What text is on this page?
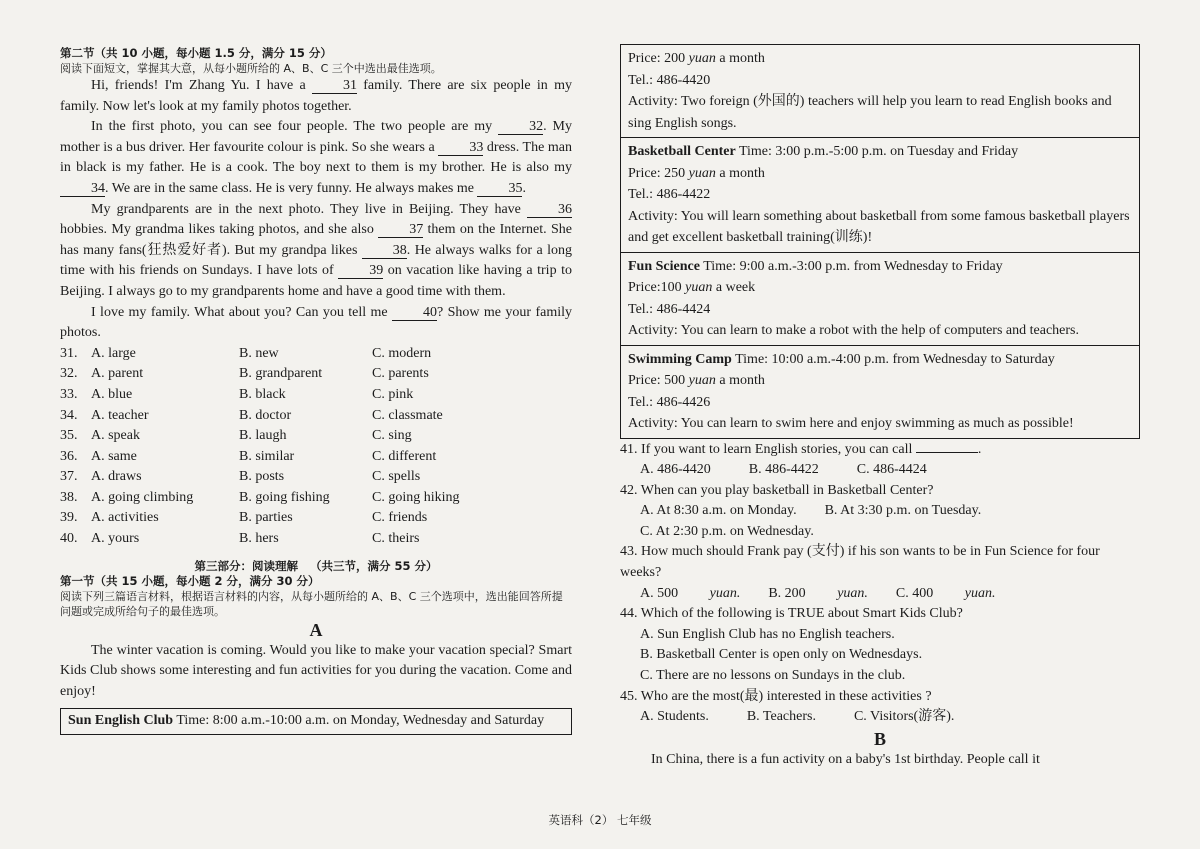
第二节（共 10 小题，每小题 1.5 分，满分 15 分）
阅读下面短文，掌握其大意，从每小题所给的 A、B、C 三个中选出最佳选项。

Hi, friends! I'm Zhang Yu. I have a 31 family. There are six people in my family. Now let's look at my family photos together.

In the first photo, you can see four people. The two people are my 32. My mother is a bus driver. Her favourite colour is pink. So she wears a 33 dress. The man in black is my father. He is a cook. The boy next to them is my brother. He is also my 34. We are in the same class. He is very funny. He always makes me 35.

My grandparents are in the next photo. They live in Beijing. They have 36 hobbies. My grandma likes taking photos, and she also 37 them on the Internet. She has many fans(狂热爱好者). But my grandpa likes 38. He always walks for a long time with his friends on Sundays. I have lots of 39 on vacation like having a trip to Beijing. I always go to my grandparents home and have a good time with them.

I love my family. What about you? Can you tell me 40? Show me your family photos.

31. A. large	B. new	C. modern
32. A. parent	B. grandparent	C. parents
33. A. blue	B. black	C. pink
34. A. teacher	B. doctor	C. classmate
35. A. speak	B. laugh	C. sing
36. A. same	B. similar	C. different
37. A. draws	B. posts	C. spells
38. A. going climbing	B. going fishing	C. going hiking
39. A. activities	B. parties	C. friends
40. A. yours	B. hers	C. theirs
第三部分：阅读理解 （共三节，满分 55 分）
第一节（共 15 小题，每小题 2 分，满分 30 分）
阅读下列三篇语言材料，根据语言材料的内容，从每小题所给的 A、B、C 三个选项中，选出能回答所提问题或完成所给句子的最佳选项。
A

The winter vacation is coming. Would you like to make your vacation special? Smart Kids Club shows some interesting and fun activities for you during the vacation. Come and enjoy!

Sun English Club Time: 8:00 a.m.-10:00 a.m. on Monday, Wednesday and Saturday
Price: 200 yuan a month
Tel.: 486-4420
Activity: Two foreign (外国的) teachers will help you learn to read English books and sing English songs.
Basketball Center Time: 3:00 p.m.-5:00 p.m. on Tuesday and Friday
Price: 250 yuan a month
Tel.: 486-4422
Activity: You will learn something about basketball from some famous basketball players and get excellent basketball training(训练)!
Fun Science Time: 9:00 a.m.-3:00 p.m. from Wednesday to Friday
Price:100 yuan a week
Tel.: 486-4424
Activity: You can learn to make a robot with the help of computers and teachers.
Swimming Camp Time: 10:00 a.m.-4:00 p.m. from Wednesday to Saturday
Price: 500 yuan a month
Tel.: 486-4426
Activity: You can learn to swim here and enjoy swimming as much as possible!
41. If you want to learn English stories, you can call	.
A. 486-4420	B. 486-4422	C. 486-4424
42. When can you play basketball in Basketball Center?
A. At 8:30 a.m. on Monday. B. At 3:30 p.m. on Tuesday.
C. At 2:30 p.m. on Wednesday.
43. How much should Frank pay (支付) if his son wants to be in Fun Science for four weeks?
A. 500 yuan. B. 200 yuan. C. 400 yuan.
44. Which of the following is TRUE about Smart Kids Club?
A. Sun English Club has no English teachers.
B. Basketball Center is open only on Wednesdays.
C. There are no lessons on Sundays in the club.
45. Who are the most(最) interested in these activities ?
A. Students.	B. Teachers.	C. Visitors(游客).
B

In China, there is a fun activity on a baby's 1st birthday. People call it

英语科（2） 七年级
